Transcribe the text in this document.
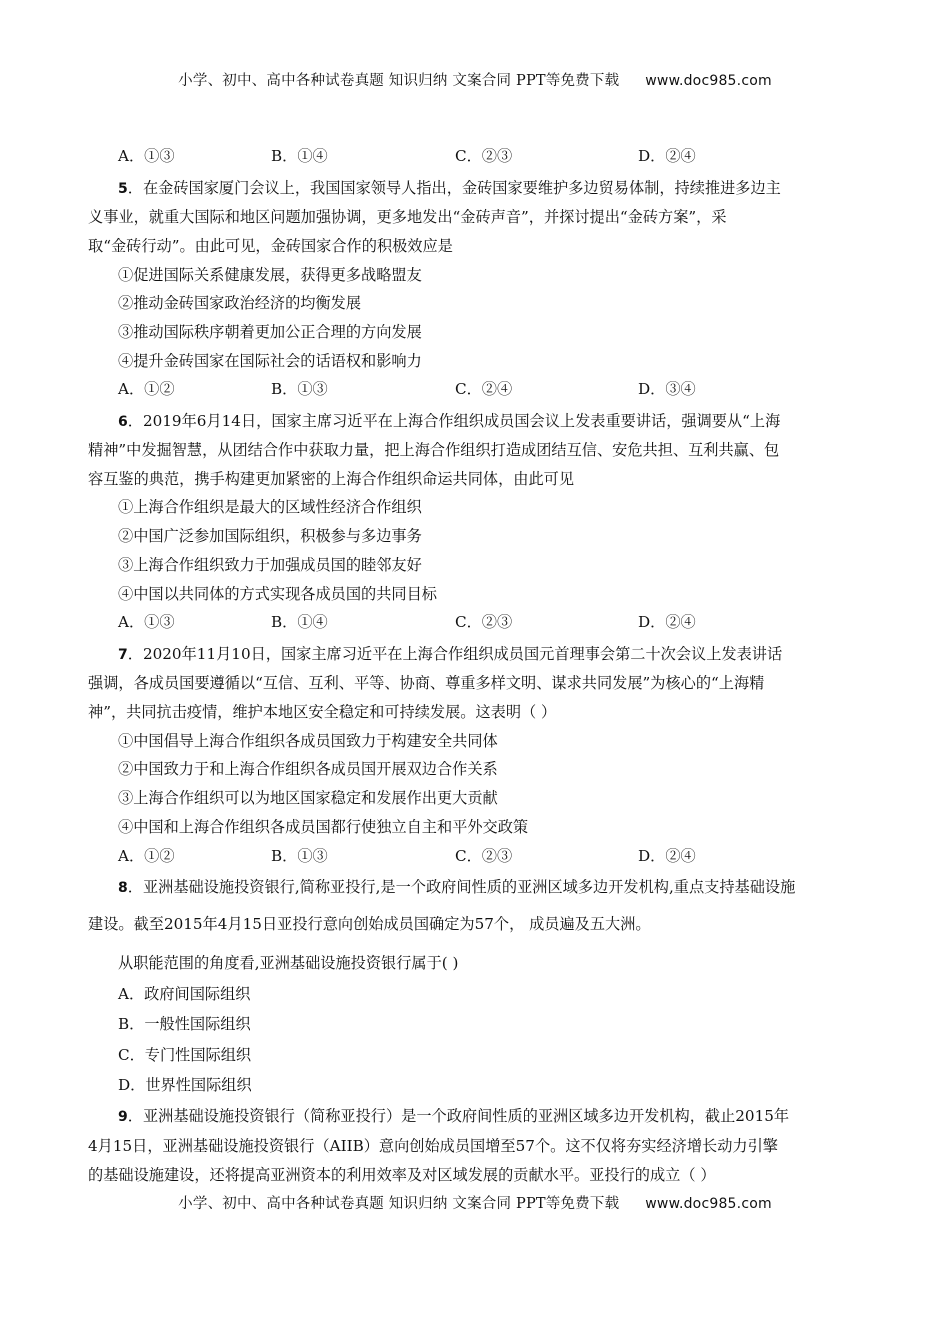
小学、初中、高中各种试卷真题 知识归纳 文案合同 PPT等免费下载 www.doc985.com
A．①③	B．①④	C．②③	D．②④
5．在金砖国家厦门会议上，我国国家领导人指出，金砖国家要维护多边贸易体制，持续推进多边主
义事业，就重大国际和地区问题加强协调，更多地发出“金砖声音”，并探讨提出“金砖方案”，采
取“金砖行动”。由此可见，金砖国家合作的积极效应是
①促进国际关系健康发展，获得更多战略盟友
②推动金砖国家政治经济的均衡发展
③推动国际秩序朝着更加公正合理的方向发展
④提升金砖国家在国际社会的话语权和影响力
A．①②	B．①③	C．②④	D．③④
6．2019年6月14日，国家主席习近平在上海合作组织成员国会议上发表重要讲话，强调要从“上海
精神”中发掘智慧，从团结合作中获取力量，把上海合作组织打造成团结互信、安危共担、互利共赢、包
容互鉴的典范，携手构建更加紧密的上海合作组织命运共同体，由此可见
①上海合作组织是最大的区域性经济合作组织
②中国广泛参加国际组织，积极参与多边事务
③上海合作组织致力于加强成员国的睦邻友好
④中国以共同体的方式实现各成员国的共同目标
A．①③	B．①④	C．②③	D．②④
7．2020年11月10日，国家主席习近平在上海合作组织成员国元首理事会第二十次会议上发表讲话
强调，各成员国要遵循以“互信、互利、平等、协商、尊重多样文明、谋求共同发展”为核心的“上海精
神”，共同抗击疫情，维护本地区安全稳定和可持续发展。这表明（ ）
①中国倡导上海合作组织各成员国致力于构建安全共同体
②中国致力于和上海合作组织各成员国开展双边合作关系
③上海合作组织可以为地区国家稳定和发展作出更大贡献
④中国和上海合作组织各成员国都行使独立自主和平外交政策
A．①②	B．①③	C．②③	D．②④
8．亚洲基础设施投资银行,简称亚投行,是一个政府间性质的亚洲区域多边开发机构,重点支持基础设施
建设。截至2015年4月15日亚投行意向创始成员国确定为57个， 成员遍及五大洲。
从职能范围的角度看,亚洲基础设施投资银行属于( )
A．政府间国际组织
B．一般性国际组织
C．专门性国际组织
D．世界性国际组织
9．亚洲基础设施投资银行（简称亚投行）是一个政府间性质的亚洲区域多边开发机构，截止2015年
4月15日，亚洲基础设施投资银行（AIIB）意向创始成员国增至57个。这不仅将夯实经济增长动力引擎
的基础设施建设，还将提高亚洲资本的利用效率及对区域发展的贡献水平。亚投行的成立（ ）
小学、初中、高中各种试卷真题 知识归纳 文案合同 PPT等免费下载 www.doc985.com
